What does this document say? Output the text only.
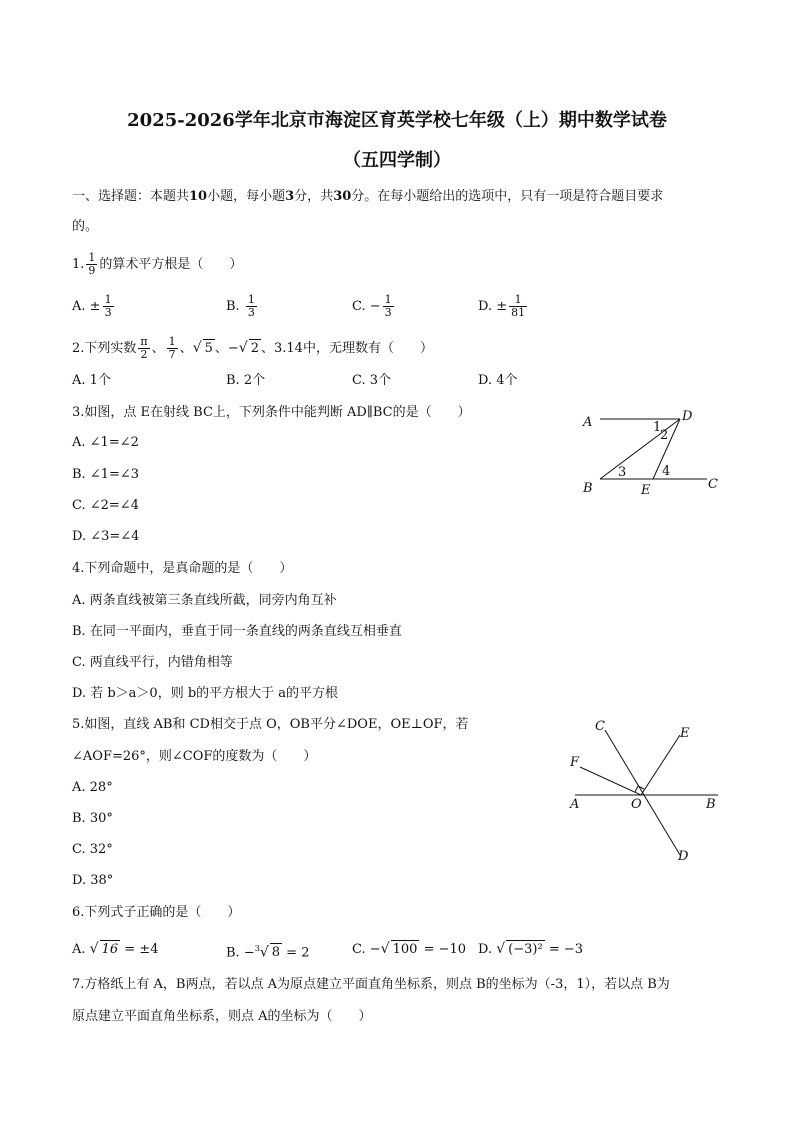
2025-2026学年北京市海淀区育英学校七年级（上）期中数学试卷
（五四学制）
一、选择题：本题共10小题，每小题3分，共30分。在每小题给出的选项中，只有一项是符合题目要求
的。
1. $\frac{1}{9}$ 的算术平方根是（　　）
A. ± $\frac{1}{3}$	B. $\frac{1}{3}$	C. − $\frac{1}{3}$	D. ± $\frac{1}{81}$
2.下列实数 $\frac{\pi}{2}$ 、 $\frac{1}{7}$ 、√ 5 、−√ 2 、3.14中，无理数有（　　）
A. 1个	B. 2个	C. 3个	D. 4个
3.如图，点 E在射线 BC上，下列条件中能判断 AD∥BC的是（　　）
A. ∠1=∠2
B. ∠1=∠3
C. ∠2=∠4
D. ∠3=∠4
A	D
1
2
3	4
B	E	C
4.下列命题中，是真命题的是（　　）
A. 两条直线被第三条直线所截，同旁内角互补
B. 在同一平面内，垂直于同一条直线的两条直线互相垂直
C. 两直线平行，内错角相等
D. 若 b＞a＞0，则 b的平方根大于 a的平方根
5.如图，直线 AB和 CD相交于点 O，OB平分∠DOE，OE⊥OF，若
∠AOF=26°，则∠COF的度数为（　　）
A. 28°
B. 30°
C. 32°
D. 38°
C	E
F
A	O	B
D
6.下列式子正确的是（　　）
A. √ 16 = ±4	B. −$^3$√ 8 = 2	C. −√ 100 = −10 D. √ (−3)² = −3
7.方格纸上有 A，B两点，若以点 A为原点建立平面直角坐标系，则点 B的坐标为（-3，1），若以点 B为
原点建立平面直角坐标系，则点 A的坐标为（　　）
